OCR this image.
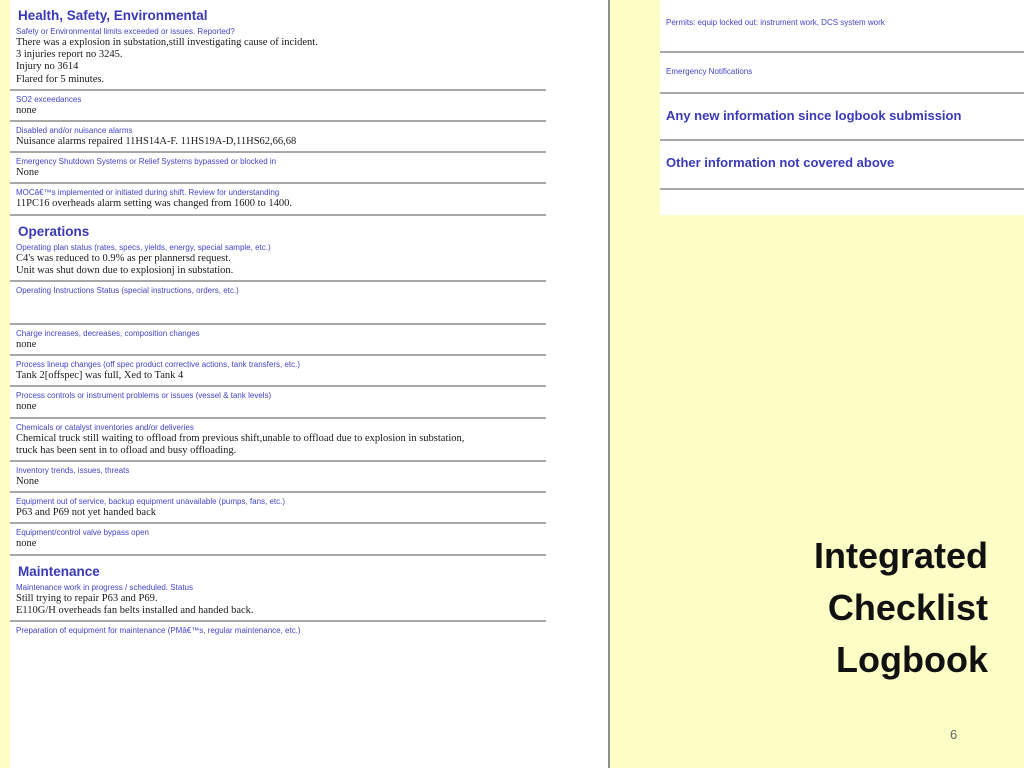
Health, Safety, Environmental
Safety or Environmental limits exceeded or issues. Reported?
There was a explosion in substation,still investigating cause of incident.
3 injuries report no 3245.
Injury no 3614
Flared for 5 minutes.
SO2 exceedances
none
Disabled and/or nuisance alarms
Nuisance alarms repaired 11HS14A-F. 11HS19A-D,11HS62,66,68
Emergency Shutdown Systems or Relief Systems bypassed or blocked in
None
MOCâ€™s implemented or initiated during shift. Review for understanding
11PC16 overheads alarm setting was changed from 1600 to 1400.
Operations
Operating plan status (rates, specs, yields, energy, special sample, etc.)
C4's was reduced to 0.9% as per plannersd request.
Unit was shut down due to explosionj in substation.
Operating Instructions Status (special instructions, orders, etc.)
Charge increases, decreases, composition changes
none
Process lineup changes (off spec product corrective actions, tank transfers, etc.)
Tank 2[offspec] was full, Xed to Tank 4
Process controls or instrument problems or issues (vessel & tank levels)
none
Chemicals or catalyst inventories and/or deliveries
Chemical truck still waiting to offload from previous shift,unable to offload due to explosion in substation,
truck has been sent in to ofload and busy offloading.
Inventory trends, issues, threats
None
Equipment out of service, backup equipment unavailable (pumps, fans, etc.)
P63 and P69 not yet handed back
Equipment/control valve bypass open
none
Maintenance
Maintenance work in progress / scheduled. Status
Still trying to repair P63 and P69.
E110G/H overheads fan belts installed and handed back.
Preparation of equipment for maintenance (PMâ€™s, regular maintenance, etc.)
Permits: equip locked out: instrument work, DCS system work
Emergency Notifications
Any new information since logbook submission
Other information not covered above
Integrated
Checklist
Logbook
6
